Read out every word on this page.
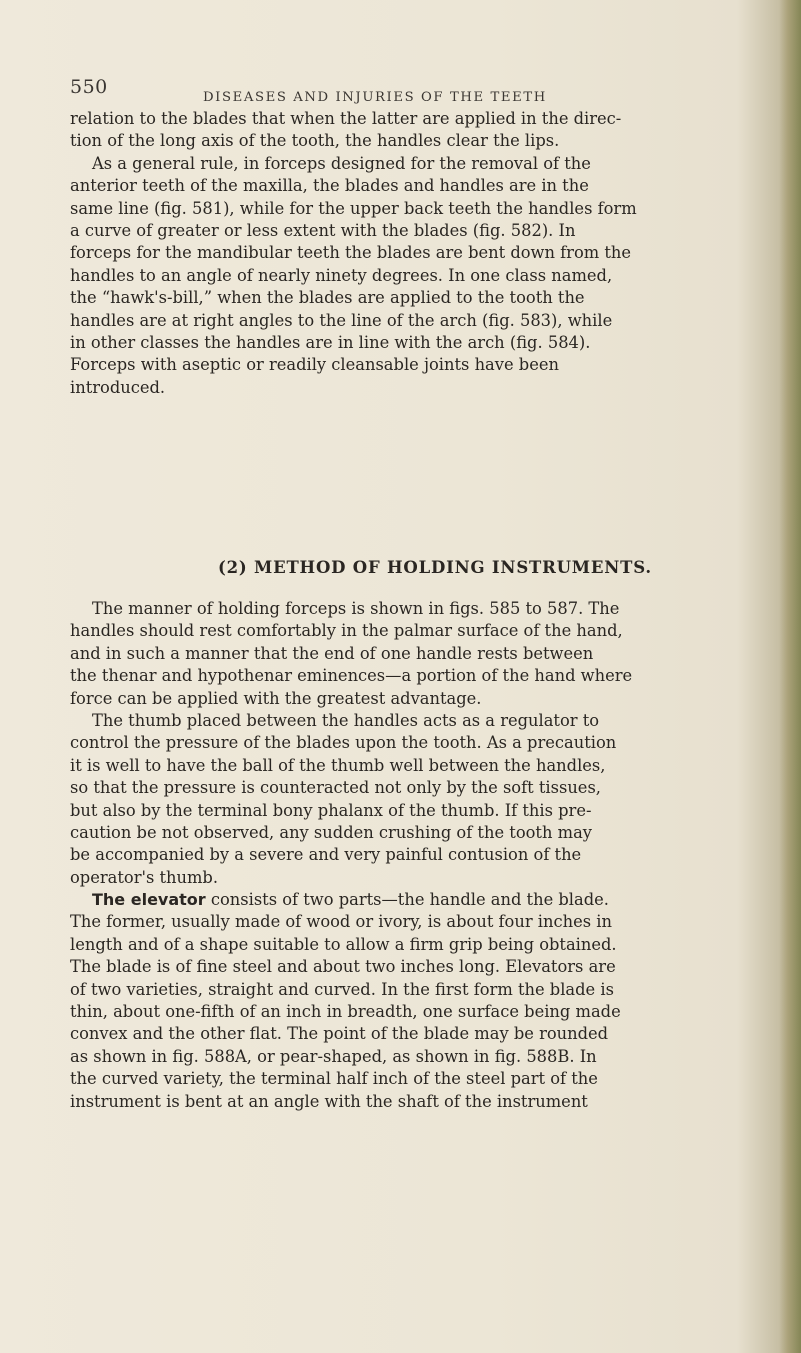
550	DISEASES AND INJURIES OF THE TEETH
relation to the blades that when the latter are applied in the direc-
tion of the long axis of the tooth, the handles clear the lips.
As a general rule, in forceps designed for the removal of the
anterior teeth of the maxilla, the blades and handles are in the
same line (fig. 581), while for the upper back teeth the handles form
a curve of greater or less extent with the blades (fig. 582). In
forceps for the mandibular teeth the blades are bent down from the
handles to an angle of nearly ninety degrees. In one class named,
the “hawk's-bill,” when the blades are applied to the tooth the
handles are at right angles to the line of the arch (fig. 583), while
in other classes the handles are in line with the arch (fig. 584).
Forceps with aseptic or readily cleansable joints have been
introduced.
(2) METHOD OF HOLDING INSTRUMENTS.
The manner of holding forceps is shown in figs. 585 to 587. The
handles should rest comfortably in the palmar surface of the hand,
and in such a manner that the end of one handle rests between
the thenar and hypothenar eminences—a portion of the hand where
force can be applied with the greatest advantage.
The thumb placed between the handles acts as a regulator to
control the pressure of the blades upon the tooth. As a precaution
it is well to have the ball of the thumb well between the handles,
so that the pressure is counteracted not only by the soft tissues,
but also by the terminal bony phalanx of the thumb. If this pre-
caution be not observed, any sudden crushing of the tooth may
be accompanied by a severe and very painful contusion of the
operator's thumb.
The elevator consists of two parts—the handle and the blade.
The former, usually made of wood or ivory, is about four inches in
length and of a shape suitable to allow a firm grip being obtained.
The blade is of fine steel and about two inches long. Elevators are
of two varieties, straight and curved. In the first form the blade is
thin, about one-fifth of an inch in breadth, one surface being made
convex and the other flat. The point of the blade may be rounded
as shown in fig. 588A, or pear-shaped, as shown in fig. 588B. In
the curved variety, the terminal half inch of the steel part of the
instrument is bent at an angle with the shaft of the instrument
